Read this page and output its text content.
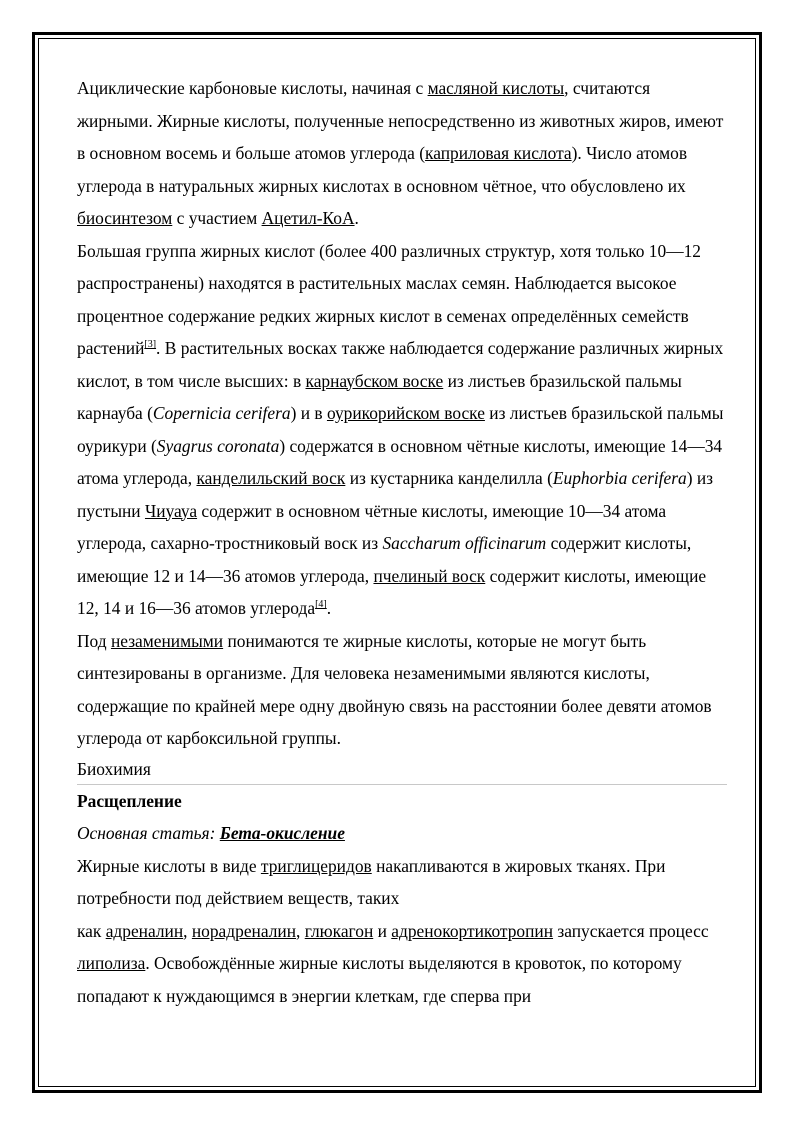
Ациклические карбоновые кислоты, начиная с масляной кислоты, считаются жирными. Жирные кислоты, полученные непосредственно из животных жиров, имеют в основном восемь и больше атомов углерода (каприловая кислота). Число атомов углерода в натуральных жирных кислотах в основном чётное, что обусловлено их биосинтезом с участием Ацетил-КоА.

Большая группа жирных кислот (более 400 различных структур, хотя только 10—12 распространены) находятся в растительных маслах семян. Наблюдается высокое процентное содержание редких жирных кислот в семенах определённых семейств растений[3]. В растительных восках также наблюдается содержание различных жирных кислот, в том числе высших: в карнаубском воске из листьев бразильской пальмы карнауба (Copernicia cerifera) и в оурикорийском воске из листьев бразильской пальмы оурикури (Syagrus coronata) содержатся в основном чётные кислоты, имеющие 14—34 атома углерода, канделильский воск из кустарника канделилла (Euphorbia cerifera) из пустыни Чиуауа содержит в основном чётные кислоты, имеющие 10—34 атома углерода, сахарно-тростниковый воск из Saccharum officinarum содержит кислоты, имеющие 12 и 14—36 атомов углерода, пчелиный воск содержит кислоты, имеющие 12, 14 и 16—36 атомов углерода[4].

Под незаменимыми понимаются те жирные кислоты, которые не могут быть синтезированы в организме. Для человека незаменимыми являются кислоты, содержащие по крайней мере одну двойную связь на расстоянии более девяти атомов углерода от карбоксильной группы.

Биохимия

Расщепление

Основная статья: Бета-окисление

Жирные кислоты в виде триглицеридов накапливаются в жировых тканях. При потребности под действием веществ, таких
как адреналин, норадреналин, глюкагон и адренокортикотропин запускается процесс липолиза. Освобождённые жирные кислоты выделяются в кровоток, по которому попадают к нуждающимся в энергии клеткам, где сперва при
